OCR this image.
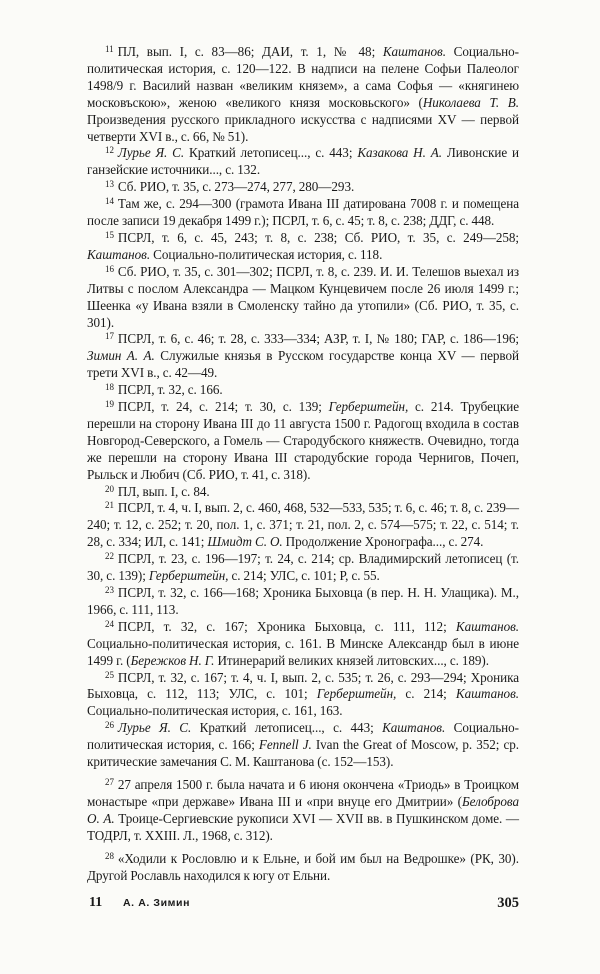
$^{11}$ ПЛ, вып. I, с. 83—86; ДАИ, т. 1, № 48; Каштанов. Социально-политическая история, с. 120—122. В надписи на пелене Софьи Палеолог 1498/9 г. Василий назван «великим князем», а сама Софья — «княгинею московъскою», женою «великого князя московьского» (Николаева Т. В. Произведения русского прикладного искусства с надписями XV — первой четверти XVI в., с. 66, № 51).

$^{12}$ Лурье Я. С. Краткий летописец..., с. 443; Казакова Н. А. Ливонские и ганзейские источники..., с. 132.

$^{13}$ Сб. РИО, т. 35, с. 273—274, 277, 280—293.

$^{14}$ Там же, с. 294—300 (грамота Ивана III датирована 7008 г. и помещена после записи 19 декабря 1499 г.); ПСРЛ, т. 6, с. 45; т. 8, с. 238; ДДГ, с. 448.

$^{15}$ ПСРЛ, т. 6, с. 45, 243; т. 8, с. 238; Сб. РИО, т. 35, с. 249—258; Каштанов. Социально-политическая история, с. 118.

$^{16}$ Сб. РИО, т. 35, с. 301—302; ПСРЛ, т. 8, с. 239. И. И. Телешов выехал из Литвы с послом Александра — Мацком Кунцевичем после 26 июля 1499 г.; Шеенка «у Ивана взяли в Смоленску тайно да утопили» (Сб. РИО, т. 35, с. 301).

$^{17}$ ПСРЛ, т. 6, с. 46; т. 28, с. 333—334; АЗР, т. I, № 180; ГАР, с. 186—196; Зимин А. А. Служилые князья в Русском государстве конца XV — первой трети XVI в., с. 42—49.

$^{18}$ ПСРЛ, т. 32, с. 166.

$^{19}$ ПСРЛ, т. 24, с. 214; т. 30, с. 139; Герберштейн, с. 214. Трубецкие перешли на сторону Ивана III до 11 августа 1500 г. Радогощ входила в состав Новгород-Северского, а Гомель — Стародубского княжеств. Очевидно, тогда же перешли на сторону Ивана III стародубские города Чернигов, Почеп, Рыльск и Любич (Сб. РИО, т. 41, с. 318).

$^{20}$ ПЛ, вып. I, с. 84.

$^{21}$ ПСРЛ, т. 4, ч. I, вып. 2, с. 460, 468, 532—533, 535; т. 6, с. 46; т. 8, с. 239—240; т. 12, с. 252; т. 20, пол. 1, с. 371; т. 21, пол. 2, с. 574—575; т. 22, с. 514; т. 28, с. 334; ИЛ, с. 141; Шмидт С. О. Продолжение Хронографа..., с. 274.

$^{22}$ ПСРЛ, т. 23, с. 196—197; т. 24, с. 214; ср. Владимирский летописец (т. 30, с. 139); Герберштейн, с. 214; УЛС, с. 101; Р, с. 55.

$^{23}$ ПСРЛ, т. 32, с. 166—168; Хроника Быховца (в пер. Н. Н. Улащика). М., 1966, с. 111, 113.

$^{24}$ ПСРЛ, т. 32, с. 167; Хроника Быховца, с. 111, 112; Каштанов. Социально-политическая история, с. 161. В Минске Александр был в июне 1499 г. (Бережков Н. Г. Итинерарий великих князей литовских..., с. 189).

$^{25}$ ПСРЛ, т. 32, с. 167; т. 4, ч. I, вып. 2, с. 535; т. 26, с. 293—294; Хроника Быховца, с. 112, 113; УЛС, с. 101; Герберштейн, с. 214; Каштанов. Социально-политическая история, с. 161, 163.

$^{26}$ Лурье Я. С. Краткий летописец..., с. 443; Каштанов. Социально-политическая история, с. 166; Fennell J. Ivan the Great of Moscow, p. 352; ср. критические замечания С. М. Каштанова (с. 152—153).

$^{27}$ 27 апреля 1500 г. была начата и 6 июня окончена «Триодь» в Троицком монастыре «при державе» Ивана III и «при внуце его Дмитрии» (Белоброва О. А. Троице-Сергиевские рукописи XVI — XVII вв. в Пушкинском доме. — ТОДРЛ, т. XXIII. Л., 1968, с. 312).

$^{28}$ «Ходили к Рословлю и к Ельне, и бой им был на Ведрошке» (РК, 30). Другой Рославль находился к югу от Ельни.

11 А. А. Зимин	305
